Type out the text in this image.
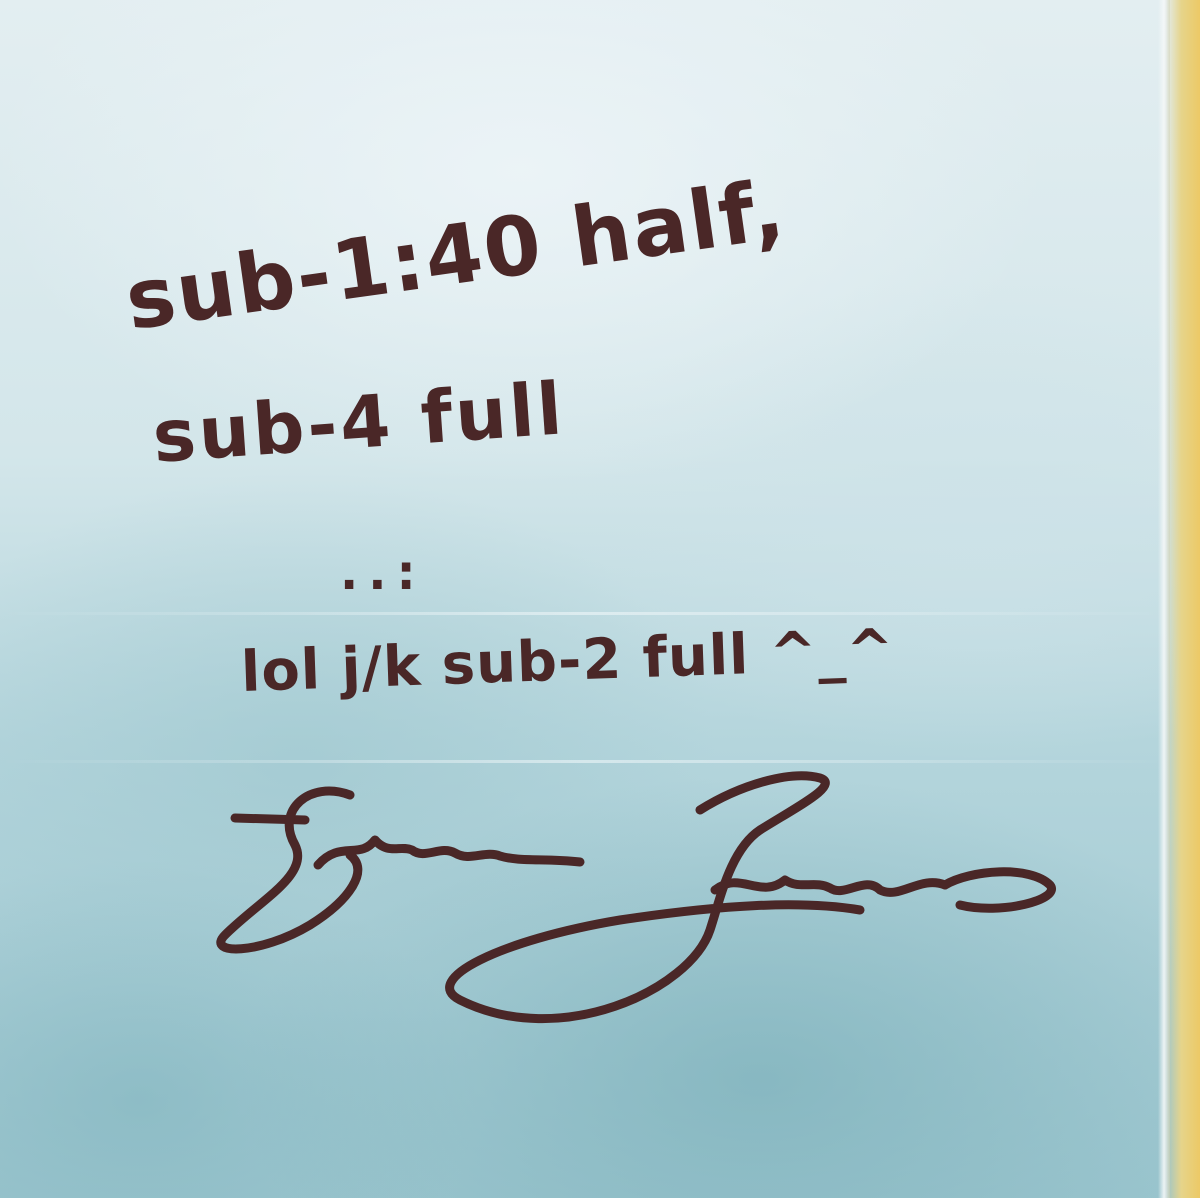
sub-1:40 half,

sub-4 full

..:

lol j/k sub-2 full ^_^
